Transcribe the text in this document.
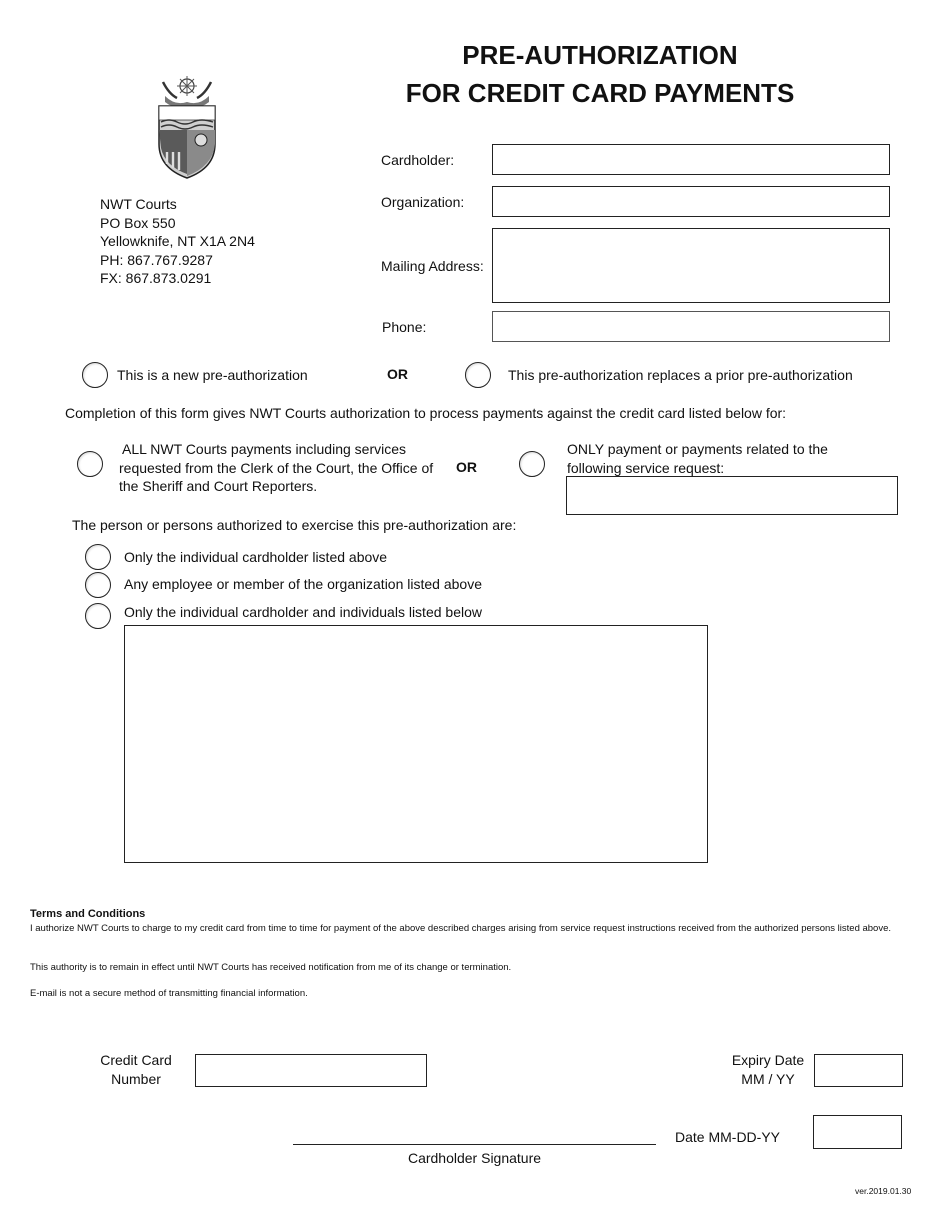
PRE-AUTHORIZATION
FOR CREDIT CARD PAYMENTS
NWT Courts
PO Box 550
Yellowknife, NT X1A 2N4
PH: 867.767.9287
FX: 867.873.0291
Cardholder:
Organization:
Mailing Address:
Phone:
This is a new pre-authorization	OR	This pre-authorization replaces a prior pre-authorization
Completion of this form gives NWT Courts authorization to process payments against the credit card listed below for:
ALL NWT Courts payments including services
requested from the Clerk of the Court, the Office of
the Sheriff and Court Reporters.
OR
ONLY payment or payments related to the
following service request:
The person or persons authorized to exercise this pre-authorization are:
Only the individual cardholder listed above
Any employee or member of the organization listed above
Only the individual cardholder and individuals listed below
Terms and Conditions
I authorize NWT Courts to charge to my credit card from time to time for payment of the above described charges arising from service request instructions received from the authorized persons listed above.
This authority is to remain in effect until NWT Courts has received notification from me of its change or termination.
E-mail is not a secure method of transmitting financial information.
Credit Card
Number
Expiry Date
MM / YY
Cardholder Signature
Date MM-DD-YY
ver.2019.01.30
